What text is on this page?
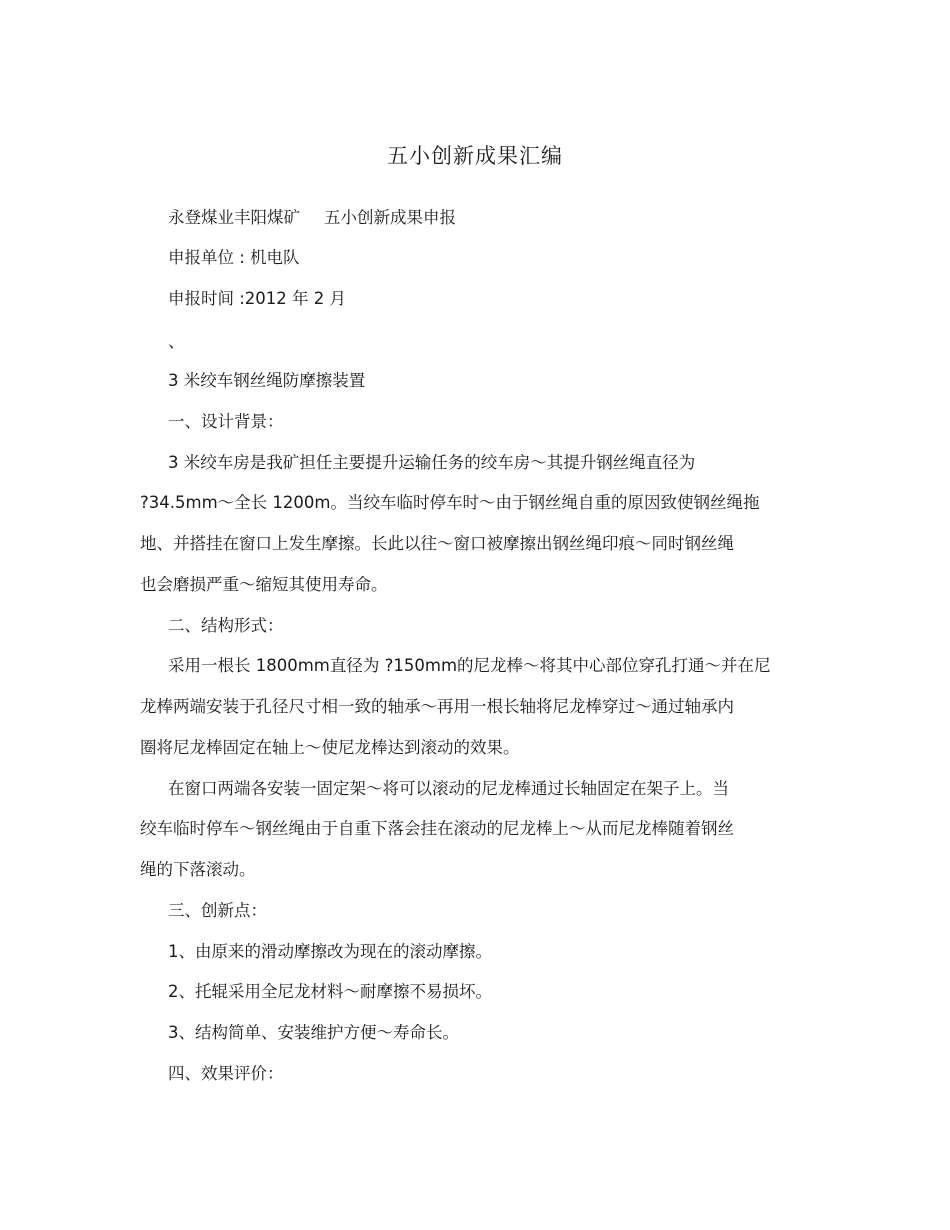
五小创新成果汇编
永登煤业丰阳煤矿 五小创新成果申报
申报单位 : 机电队
申报时间 :2012 年 2 月
、
3 米绞车钢丝绳防摩擦装置
一、设计背景：
3 米绞车房是我矿担任主要提升运输任务的绞车房～其提升钢丝绳直径为
?34.5mm～全长 1200m。当绞车临时停车时～由于钢丝绳自重的原因致使钢丝绳拖
地、并搭挂在窗口上发生摩擦。长此以往～窗口被摩擦出钢丝绳印痕～同时钢丝绳
也会磨损严重～缩短其使用寿命。
二、结构形式：
采用一根长 1800mm直径为 ?150mm的尼龙棒～将其中心部位穿孔打通～并在尼
龙棒两端安装于孔径尺寸相一致的轴承～再用一根长轴将尼龙棒穿过～通过轴承内
圈将尼龙棒固定在轴上～使尼龙棒达到滚动的效果。
在窗口两端各安装一固定架～将可以滚动的尼龙棒通过长轴固定在架子上。当
绞车临时停车～钢丝绳由于自重下落会挂在滚动的尼龙棒上～从而尼龙棒随着钢丝
绳的下落滚动。
三、创新点：
1、由原来的滑动摩擦改为现在的滚动摩擦。
2、托辊采用全尼龙材料～耐摩擦不易损坏。
3、结构简单、安装维护方便～寿命长。
四、效果评价：
